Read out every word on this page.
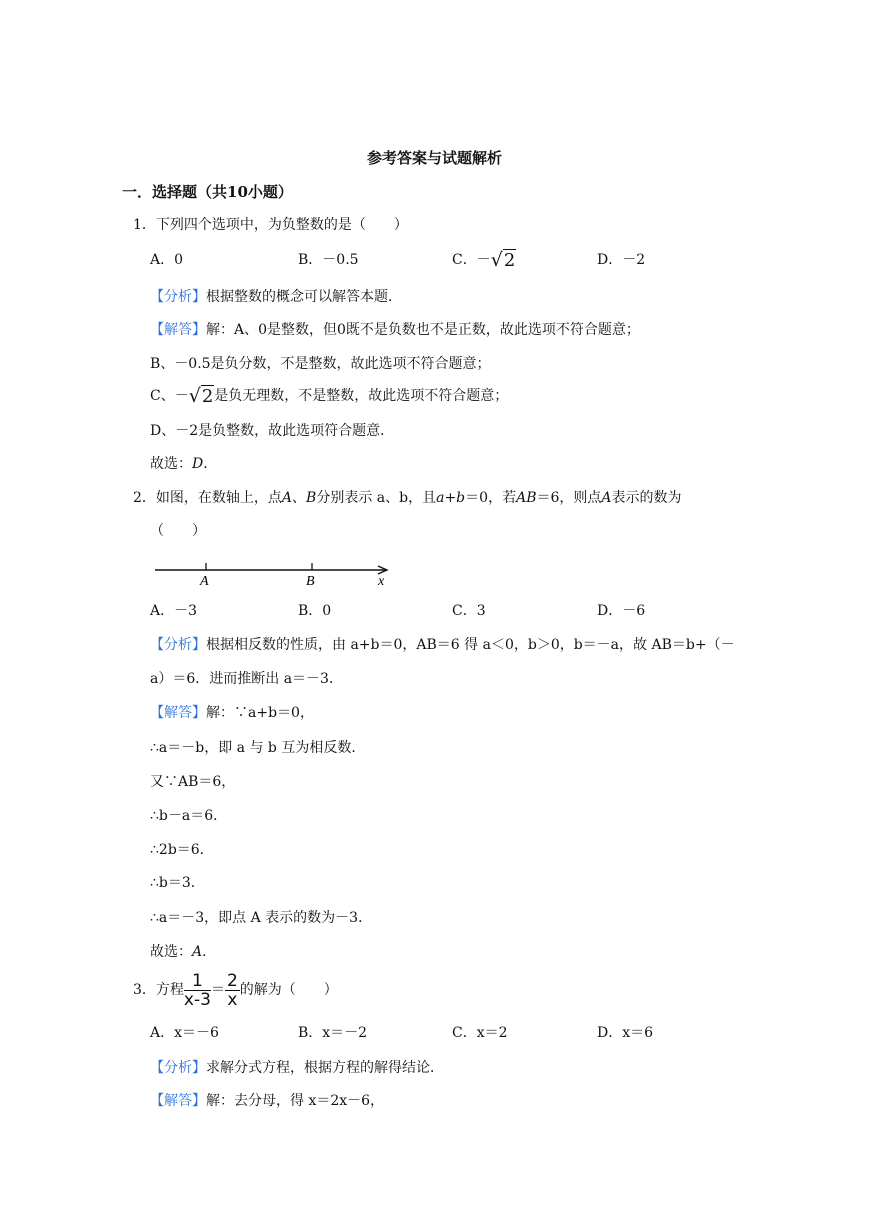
参考答案与试题解析
一．选择题（共10小题）
1．下列四个选项中，为负整数的是（　　）
A．0	B．－0.5	C．－√2	D．－2
【分析】根据整数的概念可以解答本题．
【解答】解：A、0是整数，但0既不是负数也不是正数，故此选项不符合题意；
B、－0.5是负分数，不是整数，故此选项不符合题意；
C、－√2是负无理数，不是整数，故此选项不符合题意；
D、－2是负整数，故此选项符合题意．
故选：D．
2．如图，在数轴上，点A、B分别表示 a、b，且a+b＝0，若AB＝6，则点A表示的数为
（　　）
A	B	x
A．－3	B．0	C．3	D．－6
【分析】根据相反数的性质，由 a+b＝0，AB＝6 得 a＜0，b＞0，b＝－a，故 AB＝b+（－
a）＝6．进而推断出 a＝－3．
【解答】解：∵a+b＝0，
∴a＝－b，即 a 与 b 互为相反数．
又∵AB＝6，
∴b－a＝6．
∴2b＝6．
∴b＝3．
∴a＝－3，即点 A 表示的数为－3．
故选：A．
3．方程 $\frac{1}{x-3} = \frac{2}{x}$ 的解为（　　）
A．x＝－6	B．x＝－2	C．x＝2	D．x＝6
【分析】求解分式方程，根据方程的解得结论．
【解答】解：去分母，得 x＝2x－6，
